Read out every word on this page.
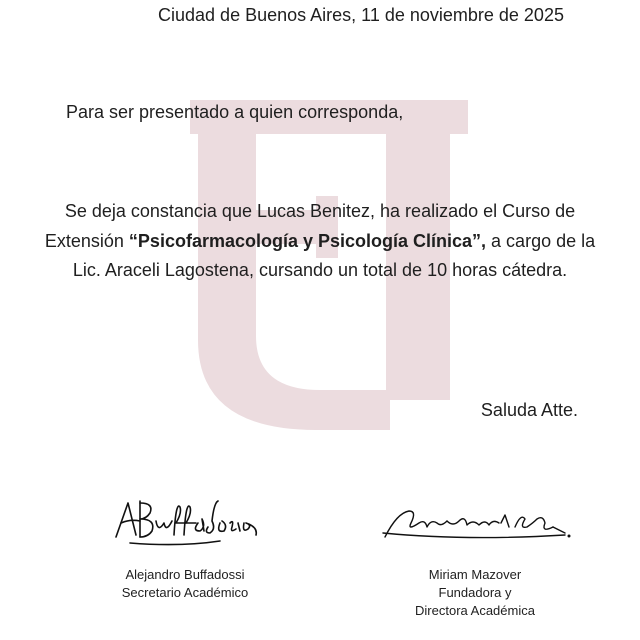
Ciudad de Buenos Aires, 11 de noviembre de 2025
Para ser presentado a quien corresponda,
Se deja constancia que Lucas Benitez, ha realizado el Curso de Extensión “Psicofarmacología y Psicología Clínica”, a cargo de la Lic. Araceli Lagostena, cursando un total de 10 horas cátedra.
Saluda Atte.
Alejandro Buffadossi
Secretario Académico
Miriam Mazover
Fundadora y Directora Académica
